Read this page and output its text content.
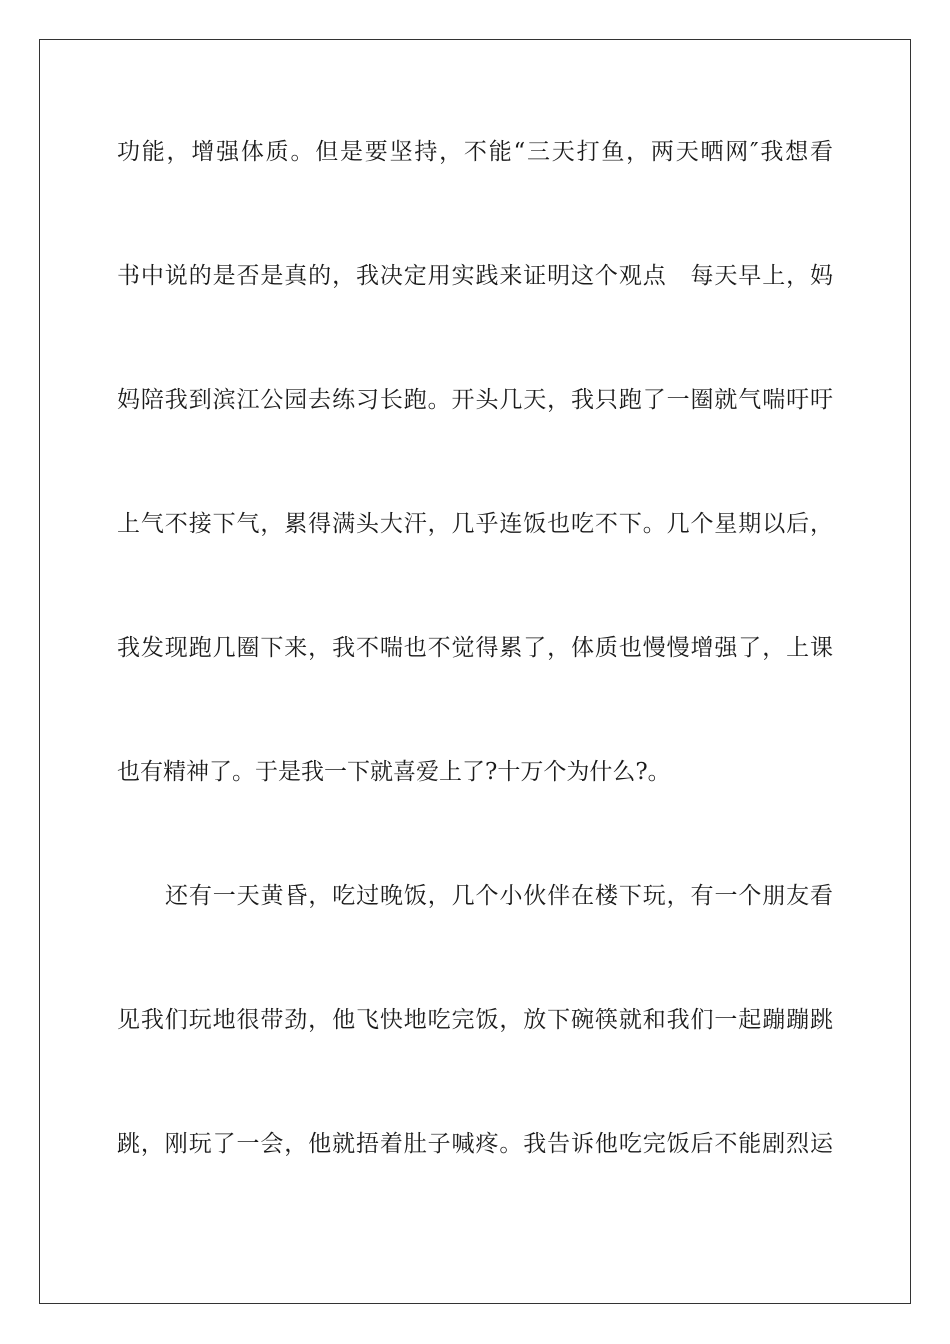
功能，增强体质。但是要坚持，不能“三天打鱼，两天晒网″我想看
书中说的是否是真的，我决定用实践来证明这个观点　每天早上，妈
妈陪我到滨江公园去练习长跑。开头几天，我只跑了一圈就气喘吁吁
上气不接下气，累得满头大汗，几乎连饭也吃不下。几个星期以后，
我发现跑几圈下来，我不喘也不觉得累了，体质也慢慢增强了，上课
也有精神了。于是我一下就喜爱上了?十万个为什么?。
还有一天黄昏，吃过晚饭，几个小伙伴在楼下玩，有一个朋友看
见我们玩地很带劲，他飞快地吃完饭，放下碗筷就和我们一起蹦蹦跳
跳，刚玩了一会，他就捂着肚子喊疼。我告诉他吃完饭后不能剧烈运
